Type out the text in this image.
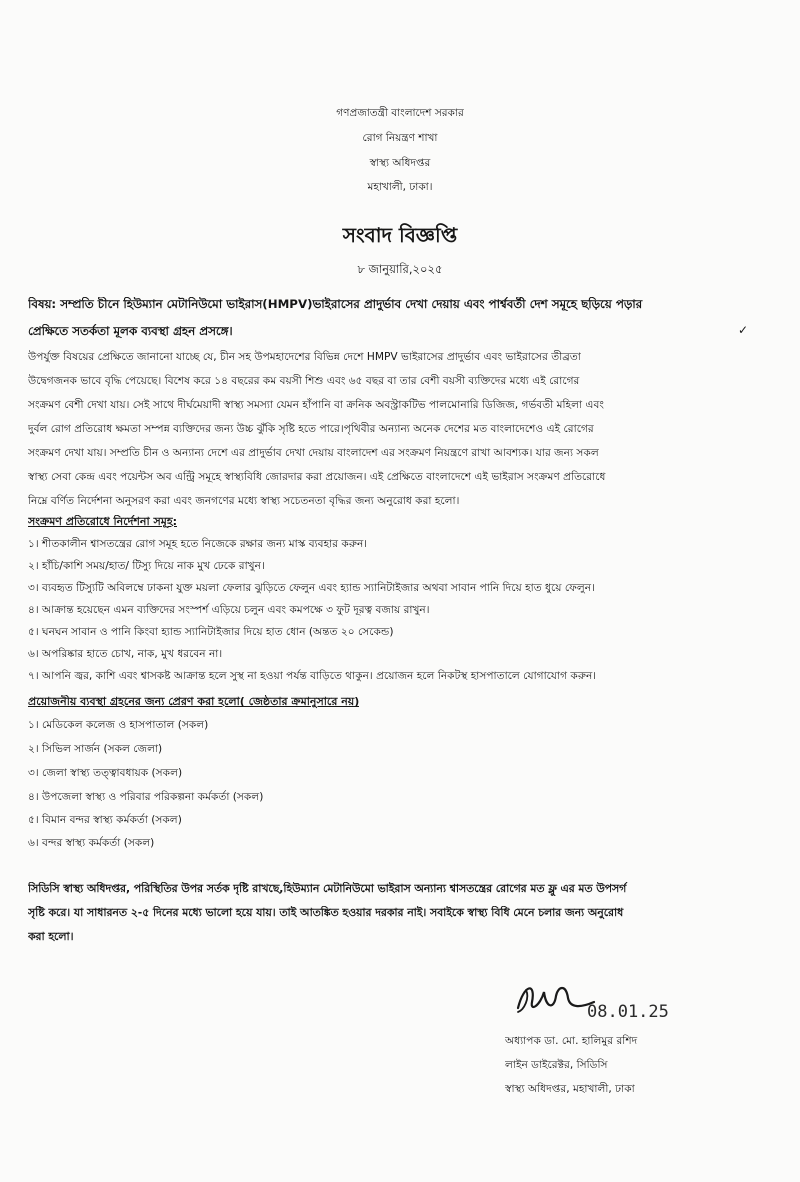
গণপ্রজাতন্ত্রী বাংলাদেশ সরকার
রোগ নিয়ন্ত্রণ শাখা
স্বাস্থ্য অধিদপ্তর
মহাখালী, ঢাকা।
সংবাদ বিজ্ঞপ্তি
৮ জানুয়ারি,২০২৫
বিষয়: সম্প্রতি চীনে হিউম্যান মেটানিউমো ভাইরাস(HMPV)ভাইরাসের প্রাদুর্ভাব দেখা দেয়ায় এবং পার্শ্ববর্তী দেশ সমূহে ছড়িয়ে পড়ার
প্রেক্ষিতে সতর্কতা মূলক ব্যবস্থা গ্রহন প্রসঙ্গে।	✓
উপর্যুক্ত বিষয়ের প্রেক্ষিতে জানানো যাচ্ছে যে, চীন সহ উপমহাদেশের বিভিন্ন দেশে HMPV ভাইরাসের প্রাদুর্ভাব এবং ভাইরাসের তীব্রতা
উদ্বেগজনক ভাবে বৃদ্ধি পেয়েছে। বিশেষ করে ১৪ বছরের কম বয়সী শিশু এবং ৬৫ বছর বা তার বেশী বয়সী ব্যক্তিদের মধ্যে এই রোগের
সংক্রমণ বেশী দেখা যায়। সেই সাথে দীর্ঘমেয়াদী স্বাস্থ্য সমস্যা যেমন হাঁপানি বা ক্রনিক অবস্ট্রাকটিভ পালমোনারি ডিজিজ, গর্ভবতী মহিলা এবং
দুর্বল রোগ প্রতিরোধ ক্ষমতা সম্পন্ন ব্যক্তিদের জন্য উচ্চ ঝুঁকি সৃষ্টি হতে পারে।পৃথিবীর অন্যান্য অনেক দেশের মত বাংলাদেশেও এই রোগের
সংক্রমণ দেখা যায়। সম্প্রতি চীন ও অন্যান্য দেশে এর প্রাদুর্ভাব দেখা দেয়ায় বাংলাদেশ এর সংক্রমণ নিয়ন্ত্রণে রাখা আবশ্যক। যার জন্য সকল
স্বাস্থ্য সেবা কেন্দ্র এবং পয়েন্টস অব এন্ট্রি সমূহে স্বাস্থ্যবিধি জোরদার করা প্রয়োজন। এই প্রেক্ষিতে বাংলাদেশে এই ভাইরাস সংক্রমণ প্রতিরোধে
নিম্নে বর্ণিত নির্দেশনা অনুসরণ করা এবং জনগণের মধ্যে স্বাস্থ্য সচেতনতা বৃদ্ধির জন্য অনুরোধ করা হলো।
সংক্রমণ প্রতিরোধে নির্দেশনা সমূহ:
১। শীতকালীন শ্বাসতন্ত্রের রোগ সমূহ হতে নিজেকে রক্ষার জন্য মাস্ক ব্যবহার করুন।
২। হাঁচি/কাশি সময়/হাত/ টিস্যু দিয়ে নাক মুখ ঢেকে রাখুন।
৩। ব্যবহৃত টিস্যুটি অবিলম্বে ঢাকনা যুক্ত ময়লা ফেলার ঝুড়িতে ফেলুন এবং হ্যান্ড স্যানিটাইজার অথবা সাবান পানি দিয়ে হাত ধুয়ে ফেলুন।
৪। আক্রান্ত হয়েছেন এমন ব্যক্তিদের সংস্পর্শ এড়িয়ে চলুন এবং কমপক্ষে ৩ ফুট দূরত্ব বজায় রাখুন।
৫। ঘনঘন সাবান ও পানি কিংবা হ্যান্ড স্যানিটাইজার দিয়ে হাত ধোন (অন্তত ২০ সেকেন্ড)
৬। অপরিষ্কার হাতে চোখ, নাক, মুখ ধরবেন না।
৭। আপনি জ্বর, কাশি এবং শ্বাসকষ্ট আক্রান্ত হলে সুস্থ না হওয়া পর্যন্ত বাড়িতে থাকুন। প্রয়োজন হলে নিকটস্থ হাসপাতালে যোগাযোগ করুন।
প্রয়োজনীয় ব্যবস্থা গ্রহনের জন্য প্রেরণ করা হলো( জেষ্ঠতার ক্রমানুসারে নয়)
১। মেডিকেল কলেজ ও হাসপাতাল (সকল)
২। সিভিল সার্জন (সকল জেলা)
৩। জেলা স্বাস্থ্য তত্ত্বাবধায়ক (সকল)
৪। উপজেলা স্বাস্থ্য ও পরিবার পরিকল্পনা কর্মকর্তা (সকল)
৫। বিমান বন্দর স্বাস্থ্য কর্মকর্তা (সকল)
৬। বন্দর স্বাস্থ্য কর্মকর্তা (সকল)
সিডিসি স্বাস্থ্য অধিদপ্তর, পরিস্থিতির উপর সর্তক দৃষ্টি রাখছে,হিউম্যান মেটানিউমো ভাইরাস অন্যান্য শ্বাসতন্ত্রের রোগের মত ফ্লু এর মত উপসর্গ
সৃষ্টি করে। যা সাধারনত ২-৫ দিনের মধ্যে ভালো হয়ে যায়। তাই আতঙ্কিত হওয়ার দরকার নাই। সবাইকে স্বাস্থ্য বিধি মেনে চলার জন্য অনুরোধ
করা হলো।
08.01.25
অধ্যাপক ডা. মো. হালিমুর রশিদ
লাইন ডাইরেক্টর, সিডিসি
স্বাস্থ্য অধিদপ্তর, মহাখালী, ঢাকা
